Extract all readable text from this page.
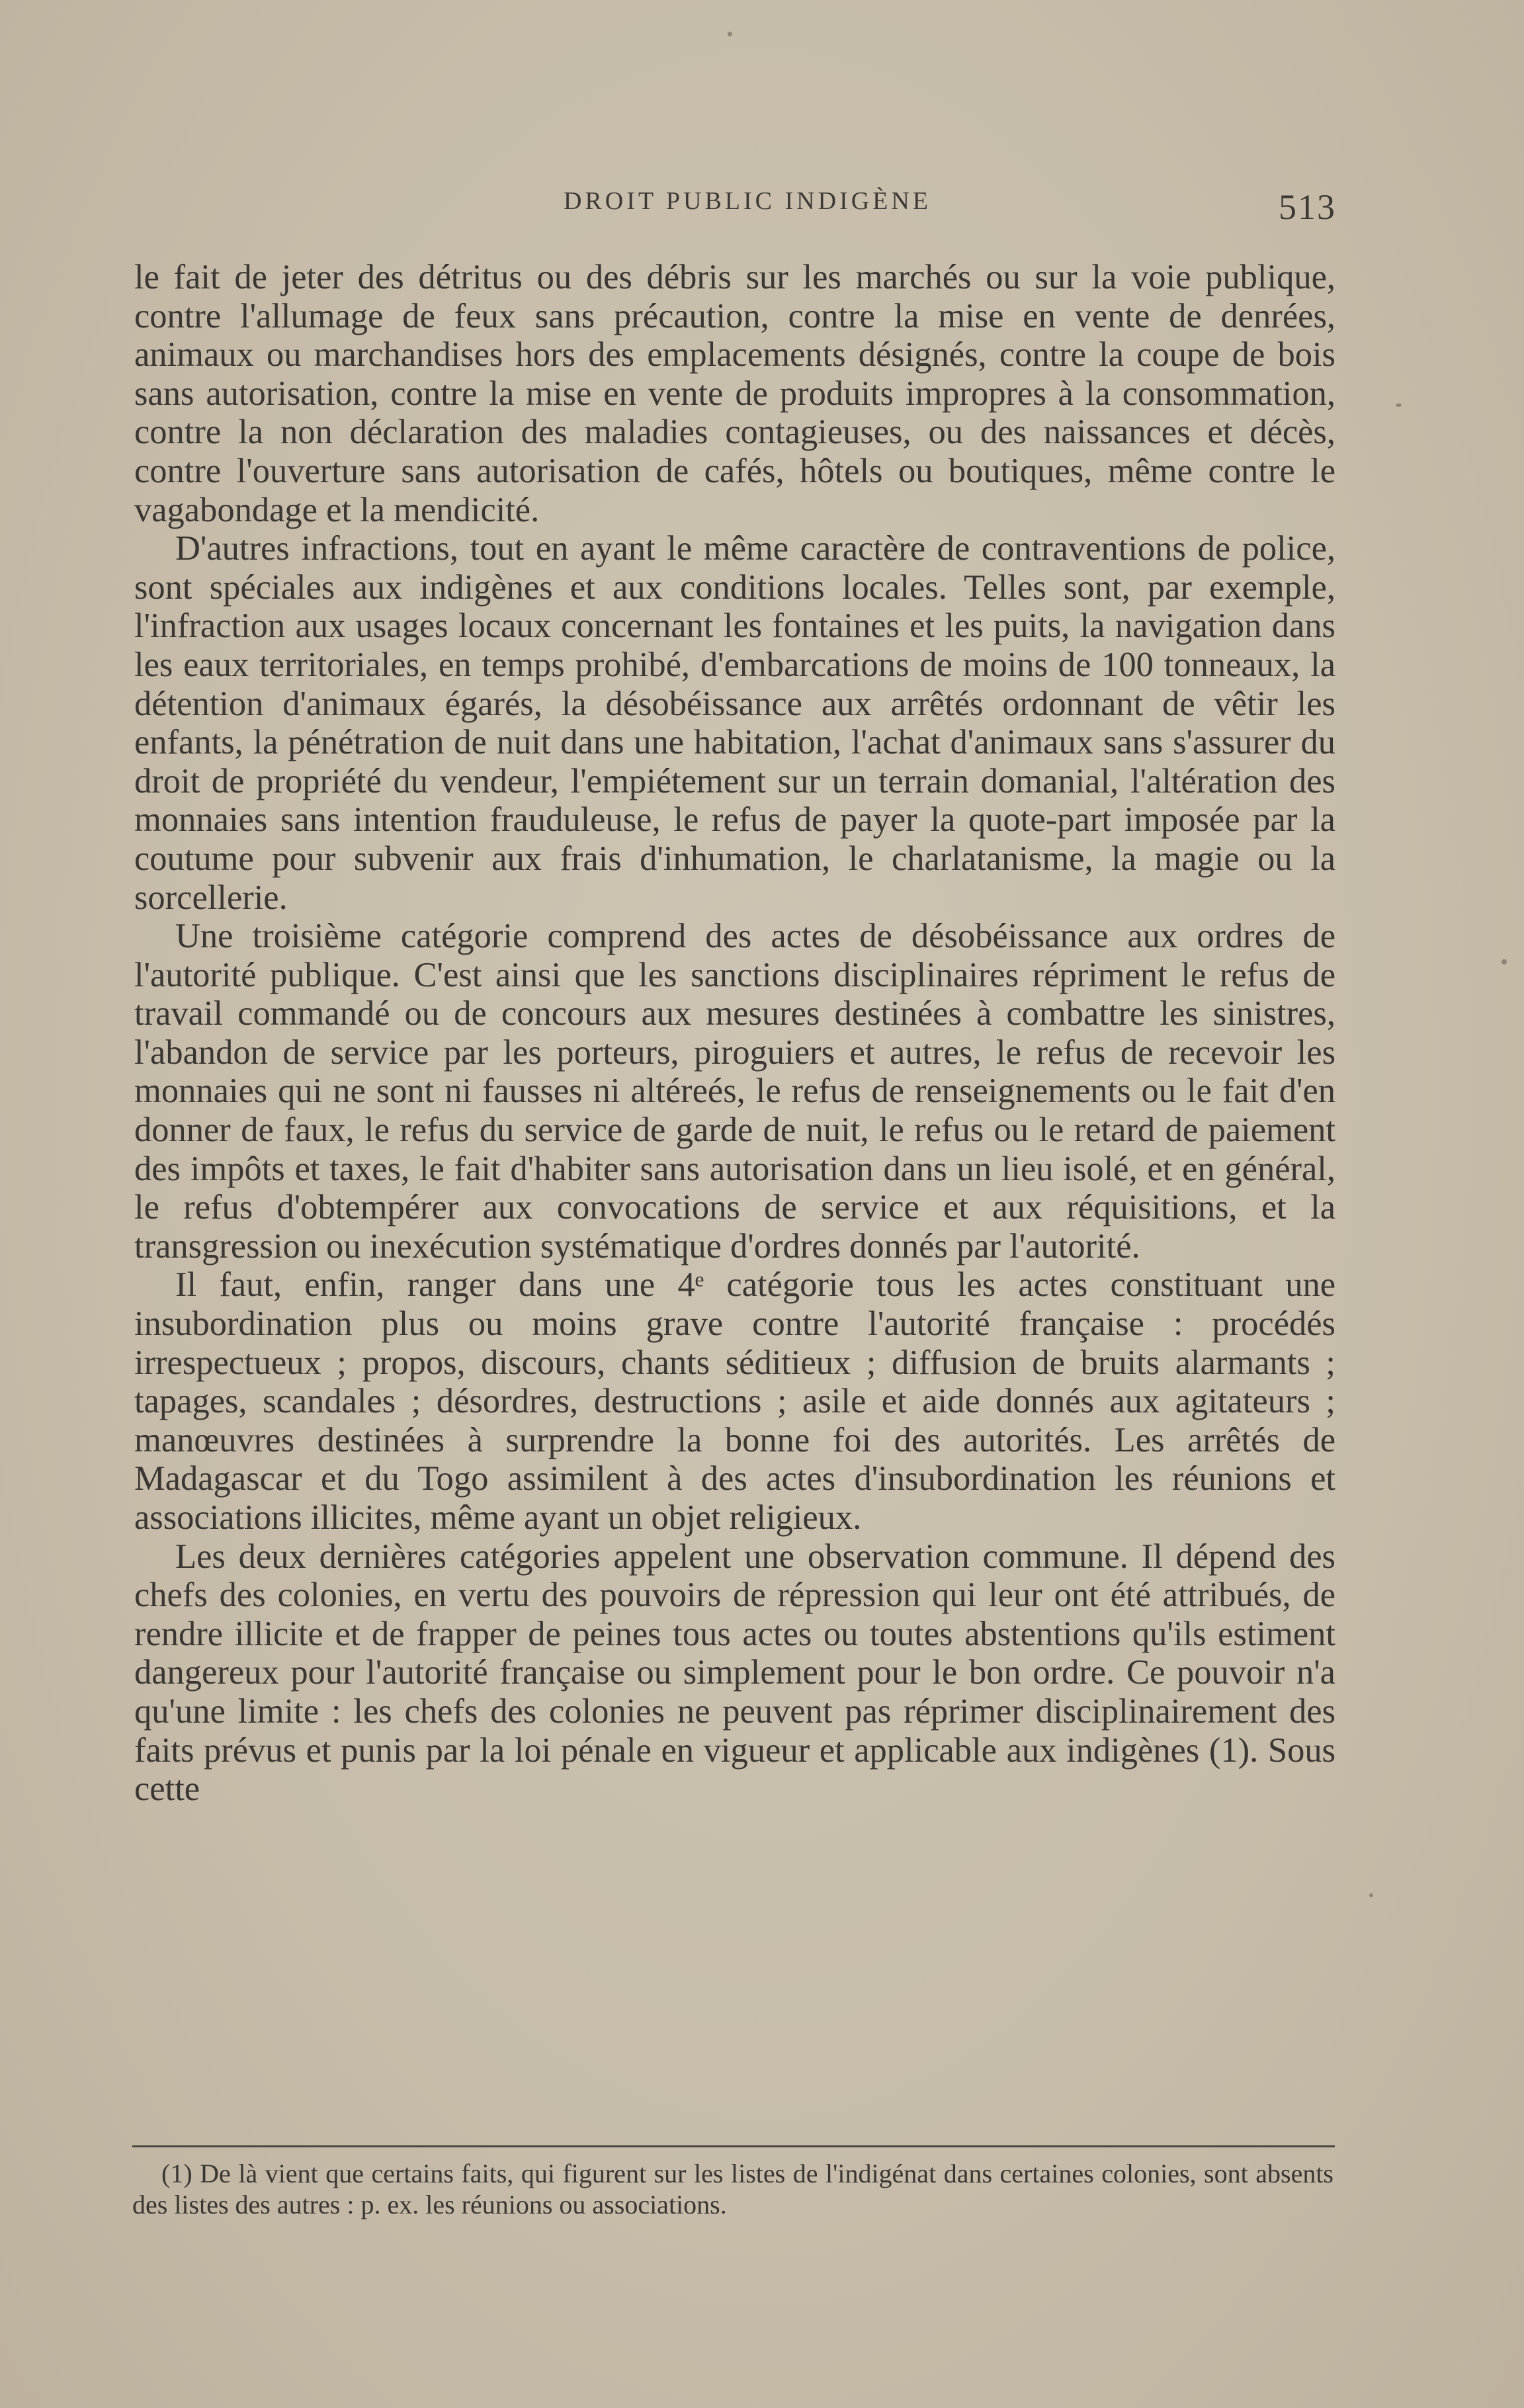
DROIT PUBLIC INDIGÈNE	513

le fait de jeter des détritus ou des débris sur les marchés ou sur la voie publique, contre l'allumage de feux sans précaution, contre la mise en vente de denrées, animaux ou marchandises hors des emplacements désignés, contre la coupe de bois sans autorisation, contre la mise en vente de produits impropres à la consommation, contre la non déclaration des maladies contagieuses, ou des naissances et décès, contre l'ouverture sans autorisation de cafés, hôtels ou boutiques, même contre le vagabondage et la mendicité.

D'autres infractions, tout en ayant le même caractère de contraventions de police, sont spéciales aux indigènes et aux conditions locales. Telles sont, par exemple, l'infraction aux usages locaux concernant les fontaines et les puits, la navigation dans les eaux territoriales, en temps prohibé, d'embarcations de moins de 100 tonneaux, la détention d'animaux égarés, la désobéissance aux arrêtés ordonnant de vêtir les enfants, la pénétration de nuit dans une habitation, l'achat d'animaux sans s'assurer du droit de propriété du vendeur, l'empiétement sur un terrain domanial, l'altération des monnaies sans intention frauduleuse, le refus de payer la quote-part imposée par la coutume pour subvenir aux frais d'inhumation, le charlatanisme, la magie ou la sorcellerie.

Une troisième catégorie comprend des actes de désobéissance aux ordres de l'autorité publique. C'est ainsi que les sanctions disciplinaires répriment le refus de travail commandé ou de concours aux mesures destinées à combattre les sinistres, l'abandon de service par les porteurs, piroguiers et autres, le refus de recevoir les monnaies qui ne sont ni fausses ni altéreés, le refus de renseignements ou le fait d'en donner de faux, le refus du service de garde de nuit, le refus ou le retard de paiement des impôts et taxes, le fait d'habiter sans autorisation dans un lieu isolé, et en général, le refus d'obtempérer aux convocations de service et aux réquisitions, et la transgression ou inexécution systématique d'ordres donnés par l'autorité.

Il faut, enfin, ranger dans une 4ᵉ catégorie tous les actes constituant une insubordination plus ou moins grave contre l'autorité française : procédés irrespectueux ; propos, discours, chants séditieux ; diffusion de bruits alarmants ; tapages, scandales ; désordres, destructions ; asile et aide donnés aux agitateurs ; manœuvres destinées à surprendre la bonne foi des autorités. Les arrêtés de Madagascar et du Togo assimilent à des actes d'insubordination les réunions et associations illicites, même ayant un objet religieux.

Les deux dernières catégories appelent une observation commune. Il dépend des chefs des colonies, en vertu des pouvoirs de répression qui leur ont été attribués, de rendre illicite et de frapper de peines tous actes ou toutes abstentions qu'ils estiment dangereux pour l'autorité française ou simplement pour le bon ordre. Ce pouvoir n'a qu'une limite : les chefs des colonies ne peuvent pas réprimer disciplinairement des faits prévus et punis par la loi pénale en vigueur et applicable aux indigènes (1). Sous cette

(1) De là vient que certains faits, qui figurent sur les listes de l'indigénat dans certaines colonies, sont absents des listes des autres : p. ex. les réunions ou associations.
